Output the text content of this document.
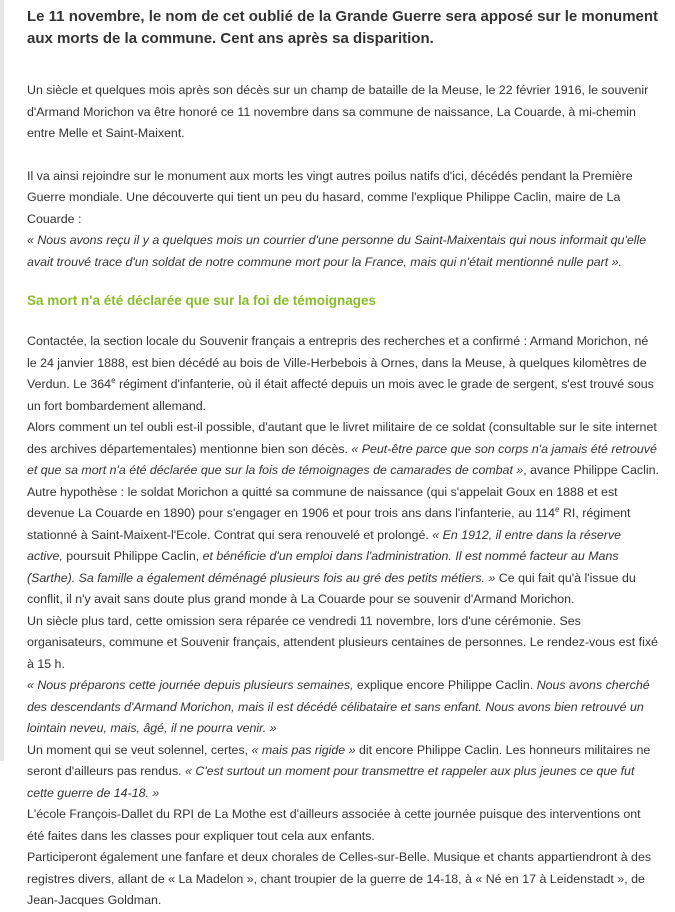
Le 11 novembre, le nom de cet oublié de la Grande Guerre sera apposé sur le monument aux morts de la commune. Cent ans après sa disparition.

Un siècle et quelques mois après son décès sur un champ de bataille de la Meuse, le 22 février 1916, le souvenir d'Armand Morichon va être honoré ce 11 novembre dans sa commune de naissance, La Couarde, à mi-chemin entre Melle et Saint-Maixent.

Il va ainsi rejoindre sur le monument aux morts les vingt autres poilus natifs d'ici, décédés pendant la Première Guerre mondiale. Une découverte qui tient un peu du hasard, comme l'explique Philippe Caclin, maire de La Couarde :
« Nous avons reçu il y a quelques mois un courrier d'une personne du Saint-Maixentais qui nous informait qu'elle avait trouvé trace d'un soldat de notre commune mort pour la France, mais qui n'était mentionné nulle part ».

Sa mort n'a été déclarée que sur la foi de témoignages
Contactée, la section locale du Souvenir français a entrepris des recherches et a confirmé : Armand Morichon, né le 24 janvier 1888, est bien décédé au bois de Ville-Herbebois à Ornes, dans la Meuse, à quelques kilomètres de Verdun. Le 364e régiment d'infanterie, où il était affecté depuis un mois avec le grade de sergent, s'est trouvé sous un fort bombardement allemand.
Alors comment un tel oubli est-il possible, d'autant que le livret militaire de ce soldat (consultable sur le site internet des archives départementales) mentionne bien son décès. « Peut-être parce que son corps n'a jamais été retrouvé et que sa mort n'a été déclarée que sur la fois de témoignages de camarades de combat », avance Philippe Caclin.
Autre hypothèse : le soldat Morichon a quitté sa commune de naissance (qui s'appelait Goux en 1888 et est devenue La Couarde en 1890) pour s'engager en 1906 et pour trois ans dans l'infanterie, au 114e RI, régiment stationné à Saint-Maixent-l'Ecole. Contrat qui sera renouvelé et prolongé. « En 1912, il entre dans la réserve active, poursuit Philippe Caclin, et bénéficie d'un emploi dans l'administration. Il est nommé facteur au Mans (Sarthe). Sa famille a également déménagé plusieurs fois au gré des petits métiers. » Ce qui fait qu'à l'issue du conflit, il n'y avait sans doute plus grand monde à La Couarde pour se souvenir d'Armand Morichon.
Un siècle plus tard, cette omission sera réparée ce vendredi 11 novembre, lors d'une cérémonie. Ses organisateurs, commune et Souvenir français, attendent plusieurs centaines de personnes. Le rendez-vous est fixé à 15 h.
« Nous préparons cette journée depuis plusieurs semaines, explique encore Philippe Caclin. Nous avons cherché des descendants d'Armand Morichon, mais il est décédé célibataire et sans enfant. Nous avons bien retrouvé un lointain neveu, mais, âgé, il ne pourra venir. »
Un moment qui se veut solennel, certes, « mais pas rigide » dit encore Philippe Caclin. Les honneurs militaires ne seront d'ailleurs pas rendus. « C'est surtout un moment pour transmettre et rappeler aux plus jeunes ce que fut cette guerre de 14-18. »
L'école François-Dallet du RPI de La Mothe est d'ailleurs associée à cette journée puisque des interventions ont été faites dans les classes pour expliquer tout cela aux enfants.
Participeront également une fanfare et deux chorales de Celles-sur-Belle. Musique et chants appartiendront à des registres divers, allant de « La Madelon », chant troupier de la guerre de 14-18, à « Né en 17 à Leidenstadt », de Jean-Jacques Goldman.
